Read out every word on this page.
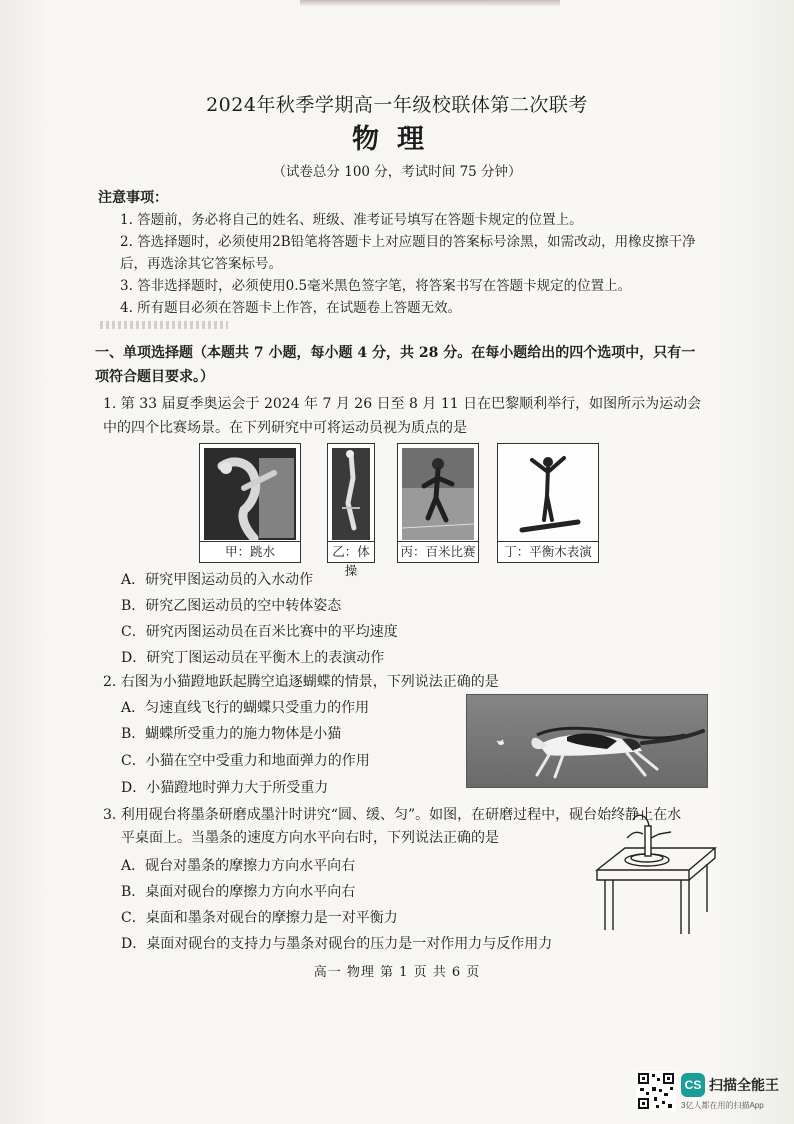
2024年秋季学期高一年级校联体第二次联考
物理
（试卷总分 100 分，考试时间 75 分钟）
注意事项：
1. 答题前，务必将自己的姓名、班级、准考证号填写在答题卡规定的位置上。
2. 答选择题时，必须使用2B铅笔将答题卡上对应题目的答案标号涂黑，如需改动，用橡皮擦干净后，再选涂其它答案标号。
3. 答非选择题时，必须使用0.5毫米黑色签字笔，将答案书写在答题卡规定的位置上。
4. 所有题目必须在答题卡上作答，在试题卷上答题无效。
一、单项选择题（本题共 7 小题，每小题 4 分，共 28 分。在每小题给出的四个选项中，只有一项符合题目要求。）
1. 第 33 届夏季奥运会于 2024 年 7 月 26 日至 8 月 11 日在巴黎顺利举行，如图所示为运动会中的四个比赛场景。在下列研究中可将运动员视为质点的是
甲：跳水	乙：体操
丙：百米比赛	丁：平衡木表演
A．研究甲图运动员的入水动作
B．研究乙图运动员的空中转体姿态
C．研究丙图运动员在百米比赛中的平均速度
D．研究丁图运动员在平衡木上的表演动作
2. 右图为小猫蹬地跃起腾空追逐蝴蝶的情景，下列说法正确的是
A．匀速直线飞行的蝴蝶只受重力的作用
B．蝴蝶所受重力的施力物体是小猫
C．小猫在空中受重力和地面弹力的作用
D．小猫蹬地时弹力大于所受重力
3. 利用砚台将墨条研磨成墨汁时讲究“圆、缓、匀”。如图，在研磨过程中，砚台始终静止在水
平桌面上。当墨条的速度方向水平向右时，下列说法正确的是
A．砚台对墨条的摩擦力方向水平向右
B．桌面对砚台的摩擦力方向水平向右
C．桌面和墨条对砚台的摩擦力是一对平衡力
D．桌面对砚台的支持力与墨条对砚台的压力是一对作用力与反作用力
高一 物理 第 1 页 共 6 页
CS 扫描全能王
3亿人都在用的扫描App
